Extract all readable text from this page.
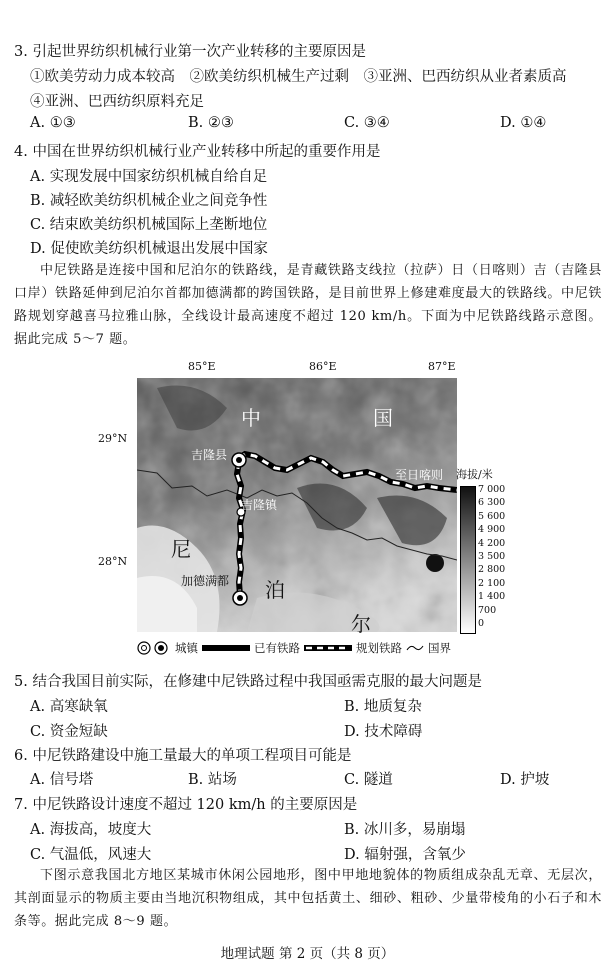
3. 引起世界纺织机械行业第一次产业转移的主要原因是
①欧美劳动力成本较高　②欧美纺织机械生产过剩　③亚洲、巴西纺织从业者素质高
④亚洲、巴西纺织原料充足
A. ①③	B. ②③	C. ③④	D. ①④
4. 中国在世界纺织机械行业产业转移中所起的重要作用是
A. 实现发展中国家纺织机械自给自足
B. 减轻欧美纺织机械企业之间竞争性
C. 结束欧美纺织机械国际上垄断地位
D. 促使欧美纺织机械退出发展中国家
中尼铁路是连接中国和尼泊尔的铁路线，是青藏铁路支线拉（拉萨）日（日喀则）吉（吉隆县口岸）铁路延伸到尼泊尔首都加德满都的跨国铁路，是目前世界上修建难度最大的铁路线。中尼铁路规划穿越喜马拉雅山脉，全线设计最高速度不超过 120 km/h。下面为中尼铁路线路示意图。据此完成 5～7 题。
85°E	86°E	87°E
29°N
28°N
中	国
吉隆县
吉隆镇
至日喀则
尼
泊
尔
加德满都
海拔/米
7 000
6 300
5 600
4 900
4 200
3 500
2 800
2 100
1 400
700
0
城镇	已有铁路	规划铁路 国界
5. 结合我国目前实际，在修建中尼铁路过程中我国亟需克服的最大问题是
A. 高寒缺氧	B. 地质复杂
C. 资金短缺	D. 技术障碍
6. 中尼铁路建设中施工量最大的单项工程项目可能是
A. 信号塔	B. 站场	C. 隧道	D. 护坡
7. 中尼铁路设计速度不超过 120 km/h 的主要原因是
A. 海拔高，坡度大	B. 冰川多，易崩塌
C. 气温低，风速大	D. 辐射强，含氧少
下图示意我国北方地区某城市休闲公园地形，图中甲地地貌体的物质组成杂乱无章、无层次，其剖面显示的物质主要由当地沉积物组成，其中包括黄土、细砂、粗砂、少量带棱角的小石子和木条等。据此完成 8～9 题。
地理试题 第 2 页（共 8 页）
